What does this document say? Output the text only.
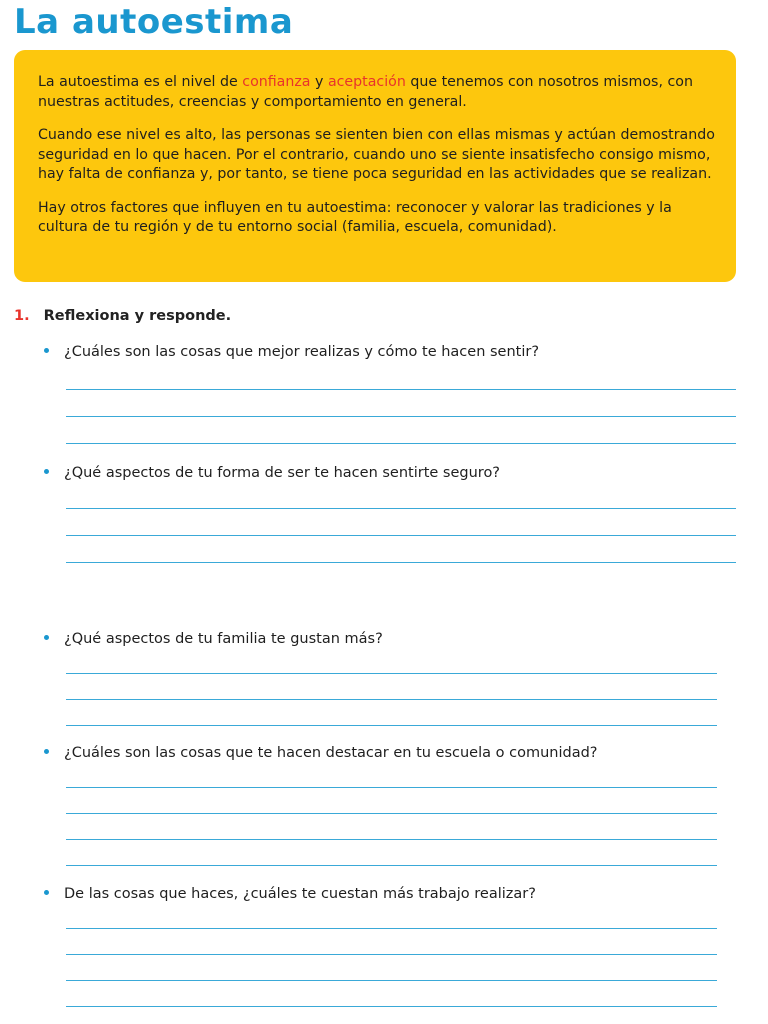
La autoestima

La autoestima es el nivel de confianza y aceptación que tenemos con nosotros mismos, con nuestras actitudes, creencias y comportamiento en general.

Cuando ese nivel es alto, las personas se sienten bien con ellas mismas y actúan demostrando seguridad en lo que hacen. Por el contrario, cuando uno se siente insatisfecho consigo mismo, hay falta de confianza y, por tanto, se tiene poca seguridad en las actividades que se realizan.

Hay otros factores que influyen en tu autoestima: reconocer y valorar las tradiciones y la cultura de tu región y de tu entorno social (familia, escuela, comunidad).

1. Reflexiona y responde.
¿Cuáles son las cosas que mejor realizas y cómo te hacen sentir?
¿Qué aspectos de tu forma de ser te hacen sentirte seguro?
¿Qué aspectos de tu familia te gustan más?
¿Cuáles son las cosas que te hacen destacar en tu escuela o comunidad?
De las cosas que haces, ¿cuáles te cuestan más trabajo realizar?
